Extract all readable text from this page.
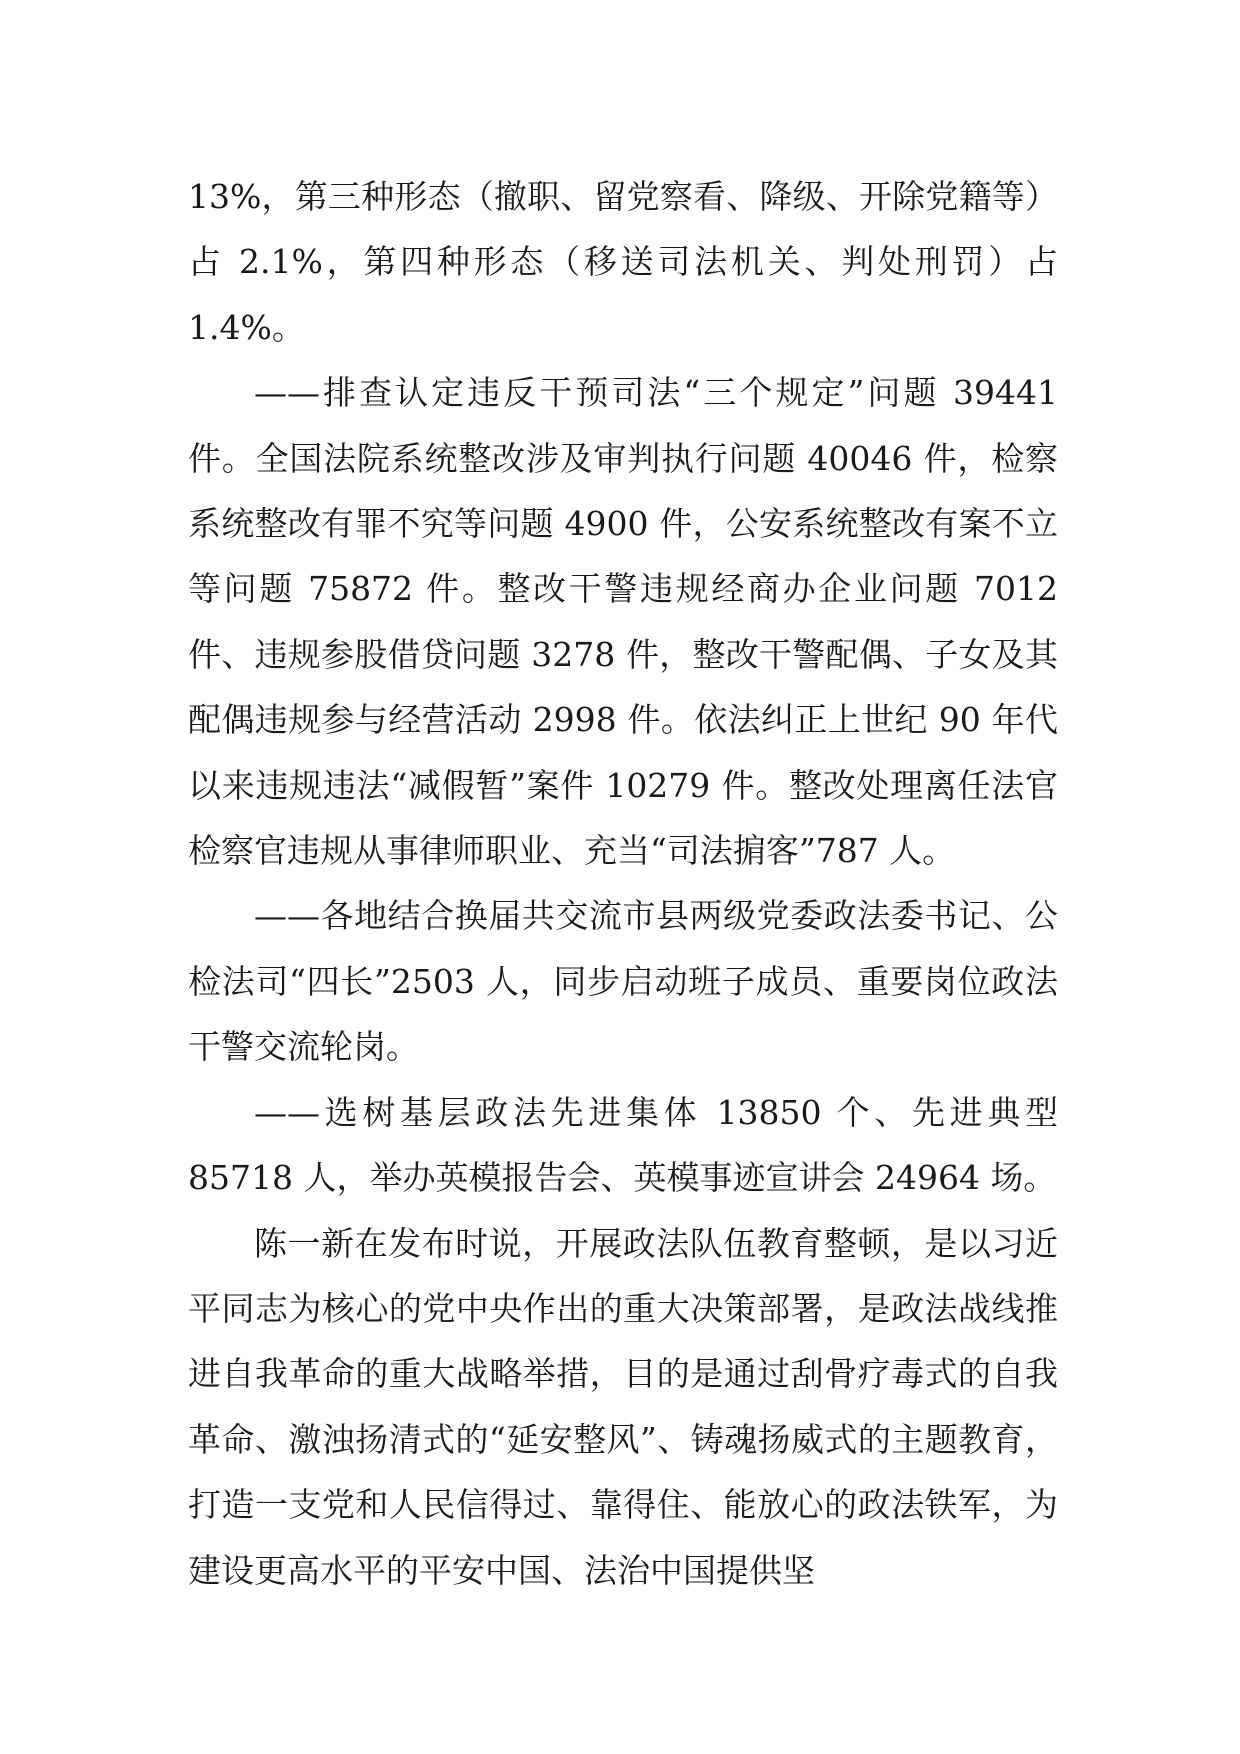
13%，第三种形态（撤职、留党察看、降级、开除党籍等）占 2.1%，第四种形态（移送司法机关、判处刑罚）占 1.4%。

——排查认定违反干预司法“三个规定”问题 39441 件。全国法院系统整改涉及审判执行问题 40046 件，检察系统整改有罪不究等问题 4900 件，公安系统整改有案不立等问题 75872 件。整改干警违规经商办企业问题 7012 件、违规参股借贷问题 3278 件，整改干警配偶、子女及其配偶违规参与经营活动 2998 件。依法纠正上世纪 90 年代以来违规违法“减假暂”案件 10279 件。整改处理离任法官检察官违规从事律师职业、充当“司法掮客”787 人。

——各地结合换届共交流市县两级党委政法委书记、公检法司“四长”2503 人，同步启动班子成员、重要岗位政法干警交流轮岗。

——选树基层政法先进集体 13850 个、先进典型 85718 人，举办英模报告会、英模事迹宣讲会 24964 场。

陈一新在发布时说，开展政法队伍教育整顿，是以习近平同志为核心的党中央作出的重大决策部署，是政法战线推进自我革命的重大战略举措，目的是通过刮骨疗毒式的自我革命、激浊扬清式的“延安整风”、铸魂扬威式的主题教育，打造一支党和人民信得过、靠得住、能放心的政法铁军，为建设更高水平的平安中国、法治中国提供坚
